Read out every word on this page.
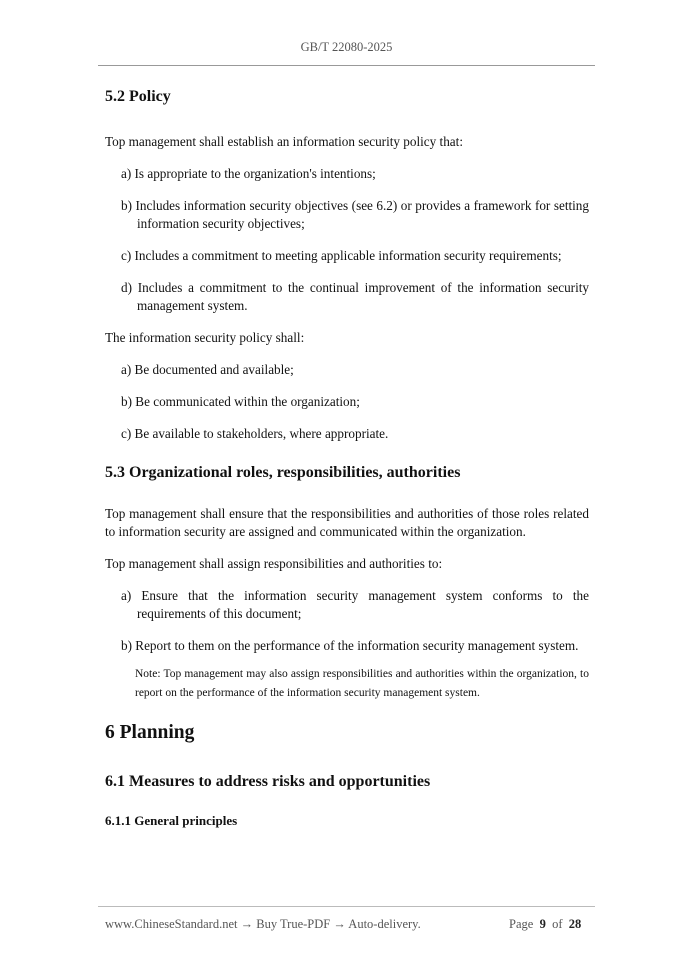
GB/T 22080-2025
5.2 Policy

Top management shall establish an information security policy that:

a) Is appropriate to the organization's intentions;

b) Includes information security objectives (see 6.2) or provides a framework for setting information security objectives;

c) Includes a commitment to meeting applicable information security requirements;

d) Includes a commitment to the continual improvement of the information security management system.

The information security policy shall:

a) Be documented and available;

b) Be communicated within the organization;

c) Be available to stakeholders, where appropriate.

5.3 Organizational roles, responsibilities, authorities

Top management shall ensure that the responsibilities and authorities of those roles related to information security are assigned and communicated within the organization.

Top management shall assign responsibilities and authorities to:

a) Ensure that the information security management system conforms to the requirements of this document;

b) Report to them on the performance of the information security management system.

Note: Top management may also assign responsibilities and authorities within the organization, to report on the performance of the information security management system.

6 Planning
6.1 Measures to address risks and opportunities
6.1.1 General principles
www.ChineseStandard.net → Buy True-PDF → Auto-delivery.	Page 9 of 28
